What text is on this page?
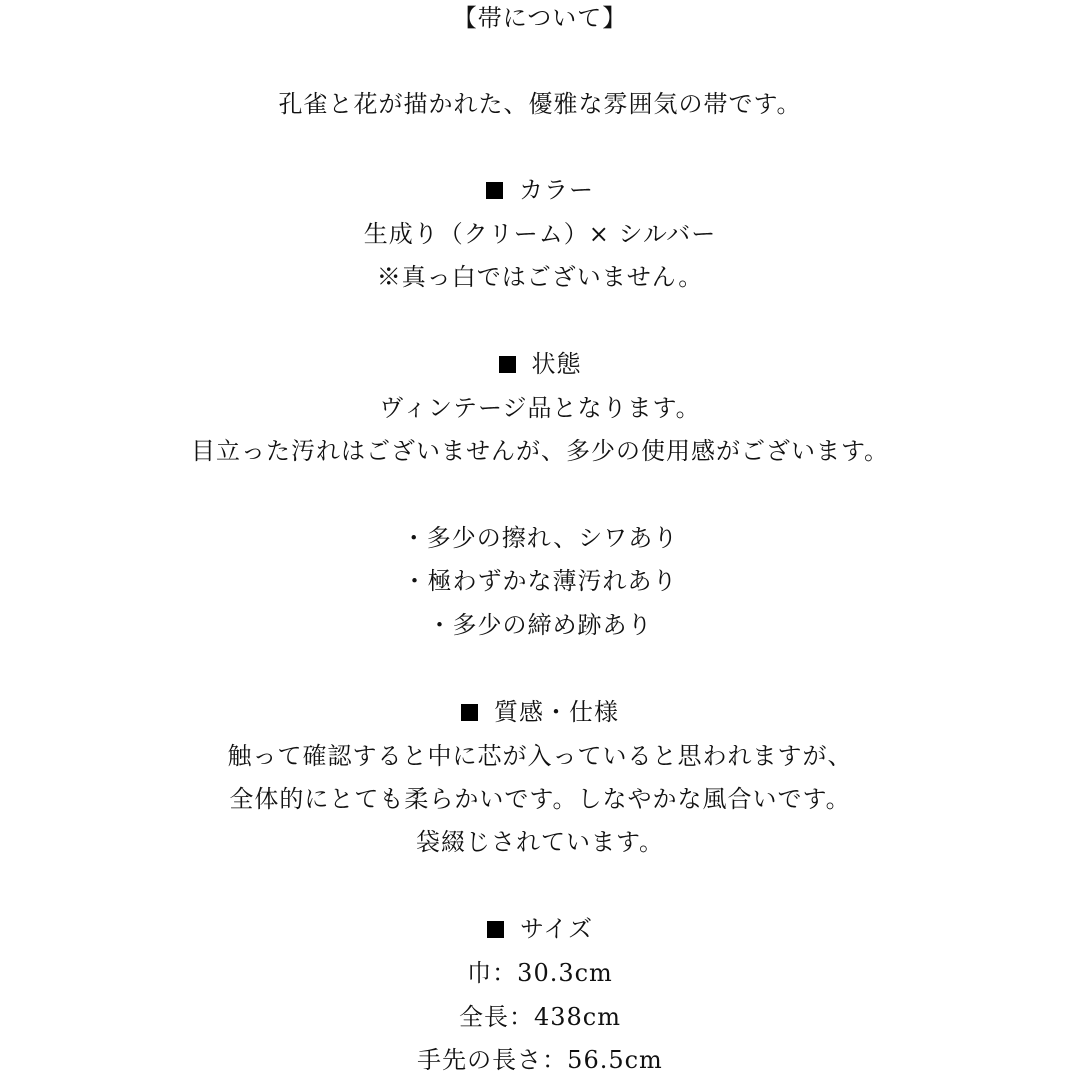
【帯について】
孔雀と花が描かれた、優雅な雰囲気の帯です。
カラー
生成り（クリーム）× シルバー
※真っ白ではございません。
状態
ヴィンテージ品となります。
目立った汚れはございませんが、多少の使用感がございます。
・多少の擦れ、シワあり
・極わずかな薄汚れあり
・多少の締め跡あり
質感・仕様
触って確認すると中に芯が入っていると思われますが、
全体的にとても柔らかいです。しなやかな風合いです。
袋綴じされています。
サイズ
巾：30.3cm
全長：438cm
手先の長さ：56.5cm
